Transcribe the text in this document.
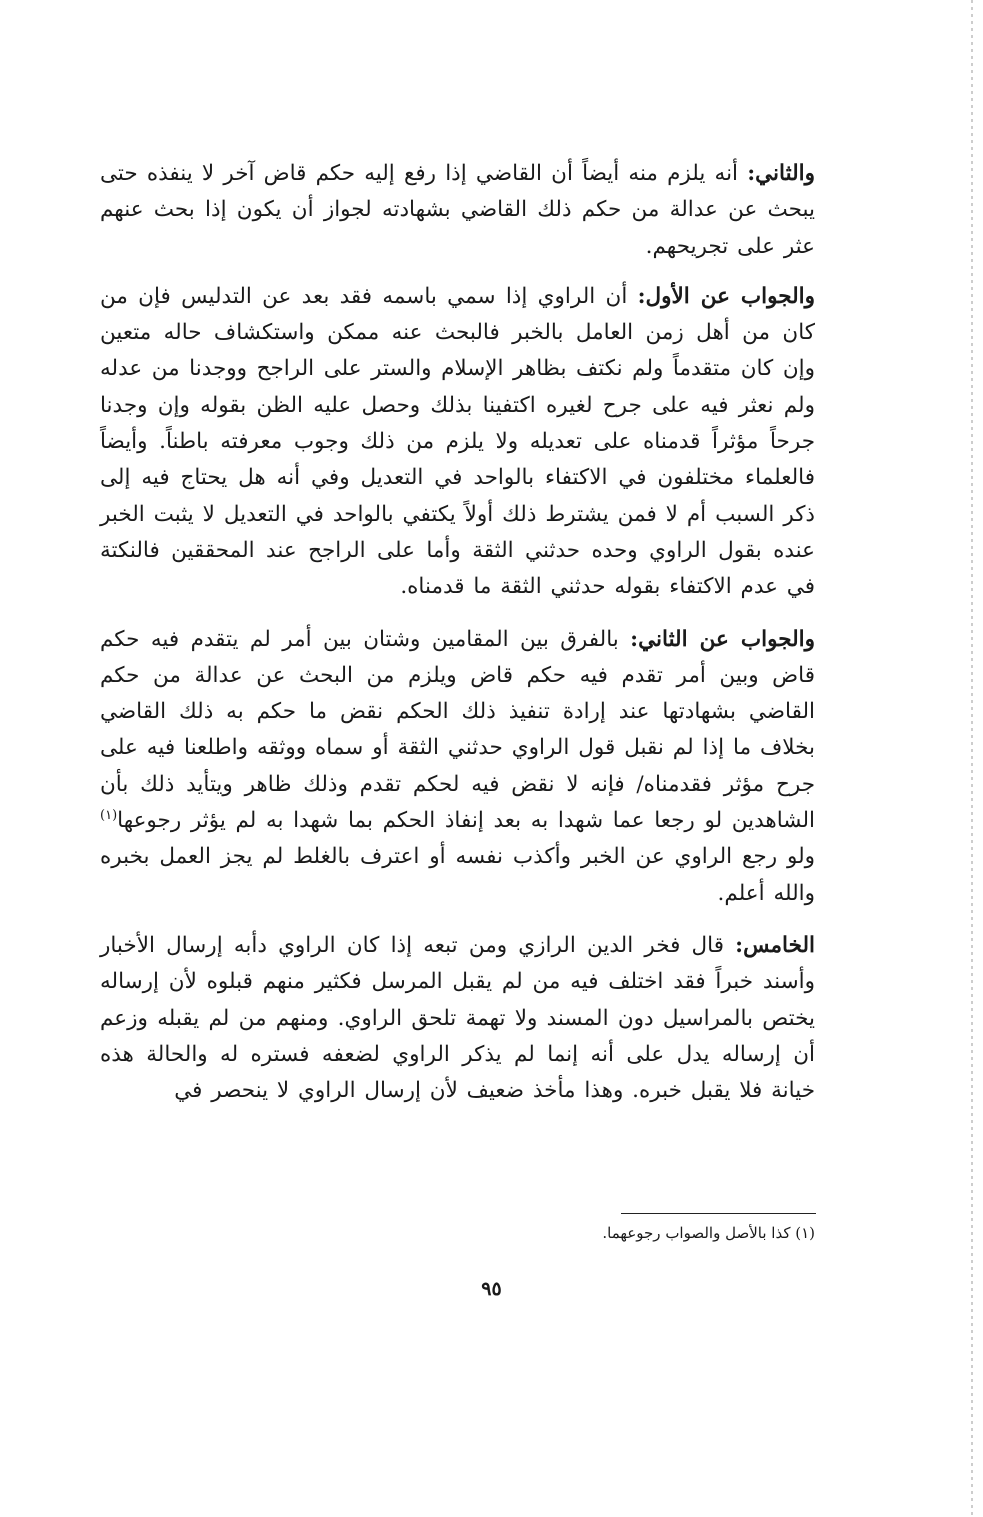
والثاني: أنه يلزم منه أيضاً أن القاضي إذا رفع إليه حكم قاض آخر لا ينفذه حتى يبحث عن عدالة من حكم ذلك القاضي بشهادته لجواز أن يكون إذا بحث عنهم عثر على تجريحهم.

والجواب عن الأول: أن الراوي إذا سمي باسمه فقد بعد عن التدليس فإن من كان من أهل زمن العامل بالخبر فالبحث عنه ممكن واستكشاف حاله متعين وإن كان متقدماً ولم نكتف بظاهر الإسلام والستر على الراجح ووجدنا من عدله ولم نعثر فيه على جرح لغيره اكتفينا بذلك وحصل عليه الظن بقوله وإن وجدنا جرحاً مؤثراً قدمناه على تعديله ولا يلزم من ذلك وجوب معرفته باطناً. وأيضاً فالعلماء مختلفون في الاكتفاء بالواحد في التعديل وفي أنه هل يحتاج فيه إلى ذكر السبب أم لا فمن يشترط ذلك أولاً يكتفي بالواحد في التعديل لا يثبت الخبر عنده بقول الراوي وحده حدثني الثقة وأما على الراجح عند المحققين فالنكتة في عدم الاكتفاء بقوله حدثني الثقة ما قدمناه.

والجواب عن الثاني: بالفرق بين المقامين وشتان بين أمر لم يتقدم فيه حكم قاض وبين أمر تقدم فيه حكم قاض ويلزم من البحث عن عدالة من حكم القاضي بشهادتها عند إرادة تنفيذ ذلك الحكم نقض ما حكم به ذلك القاضي بخلاف ما إذا لم نقبل قول الراوي حدثني الثقة أو سماه ووثقه واطلعنا فيه على جرح مؤثر فقدمناه/ فإنه لا نقض فيه لحكم تقدم وذلك ظاهر ويتأيد ذلك بأن الشاهدين لو رجعا عما شهدا به بعد إنفاذ الحكم بما شهدا به لم يؤثر رجوعها$^{(١)}$ ولو رجع الراوي عن الخبر وأكذب نفسه أو اعترف بالغلط لم يجز العمل بخبره والله أعلم.

الخامس: قال فخر الدين الرازي ومن تبعه إذا كان الراوي دأبه إرسال الأخبار وأسند خبراً فقد اختلف فيه من لم يقبل المرسل فكثير منهم قبلوه لأن إرساله يختص بالمراسيل دون المسند ولا تهمة تلحق الراوي. ومنهم من لم يقبله وزعم أن إرساله يدل على أنه إنما لم يذكر الراوي لضعفه فستره له والحالة هذه خيانة فلا يقبل خبره. وهذا مأخذ ضعيف لأن إرسال الراوي لا ينحصر في

(١) كذا بالأصل والصواب رجوعهما.
٩٥
